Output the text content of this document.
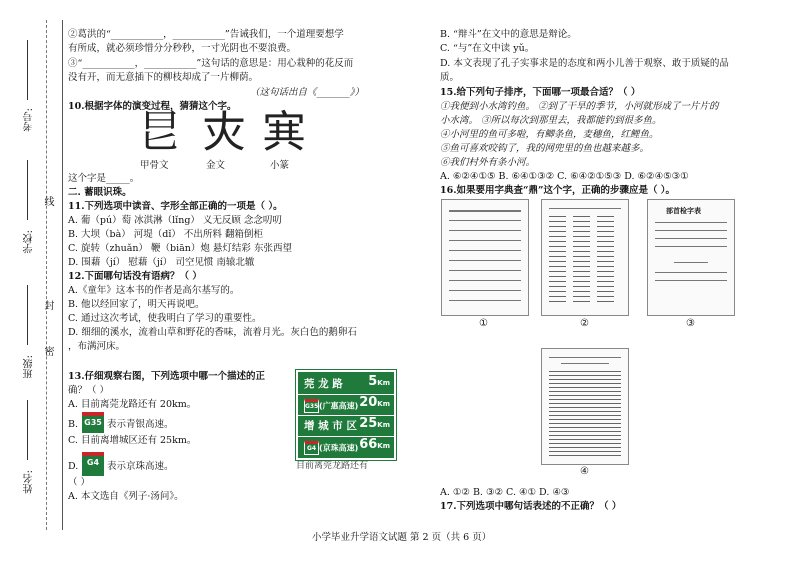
考号:
学校:
班级:
姓名:
线
封
密
②葛洪的“___________，___________”告诫我们，一个道理要想学
有所成，就必须珍惜分分秒秒，一寸光阴也不要浪费。
③“___________，___________”这句话的意思是：用心栽种的花反而
没有开，而无意插下的柳枝却成了一片柳荫。
（这句话出自《_______》）
10.根据字体的演变过程，猜猜这个字。
㫐 𡗜 𡨄
甲骨文	金文	小篆
这个字是_____。
二. 蓄眼识珠。
11.下列选项中读音、字形全部正确的一项是（ ）。
A. 葡（pú）萄 冰淇淋（lǐng） 义无反顾 念念叨叨
B. 大坝（bà） 河堤（dǐ） 不出所料 翻箱倒柜
C. 旋转（zhuǎn） 鞭（biān）炮 悬灯结彩 东张西望
D. 围藉（jí） 慰藉（jí） 司空见惯 南辕北辙
12.下面哪句话没有语病？（ ）
A.《童年》这本书的作者是高尔基写的。
B. 他以经回家了，明天再说吧。
C. 通过这次考试，使我明白了学习的重要性。
D. 细细的溪水，流着山草和野花的香味，流着月光。灰白色的鹅卵石
，布满河床。
13.仔细观察右图，下列选项中哪一个描述的正
确？（ ）
A. 目前离莞龙路还有 20km。
B. G35 表示青银高速。
C. 目前离增城区还有 25km。
D.	G4 表示京珠高速。
（ ）
A. 本文选自《列子·汤问》。
目前离莞龙路还有
莞 龙 路 5Km
G35(广惠高速) 20Km
增 城 市 区 25Km
G4 (京珠高速) 66Km
B. “辩斗”在文中的意思是辩论。
C. “与”在文中读 yǔ。
D. 本文表现了孔子实事求是的态度和两小儿善于观察、敢于质疑的品
质。
15.给下列句子排序，下面哪一项最合适？（ ）
①我便到小水湾钓鱼。 ②到了干旱的季节，小河就形成了一片片的
小水湾。 ③所以每次到那里去，我都能钓到很多鱼。
④小河里的鱼可多啦，有鲫条鱼，麦穗鱼，红鲤鱼。
⑤鱼可喜欢咬钩了，我的网兜里的鱼也越来越多。
⑥我们村外有条小河。
A. ⑥②④①⑤ B. ⑥④①③② C. ⑥④②①⑤③ D. ⑥②④⑤③①
16.如果要用字典查“鼎”这个字，正确的步骤应是（ ）。
①	②
部首检字表
③
④
A. ①② B. ③② C. ④① D. ④③
17.下列选项中哪句话表述的不正确？（ ）
小学毕业升学语文试题 第 2 页（共 6 页）
